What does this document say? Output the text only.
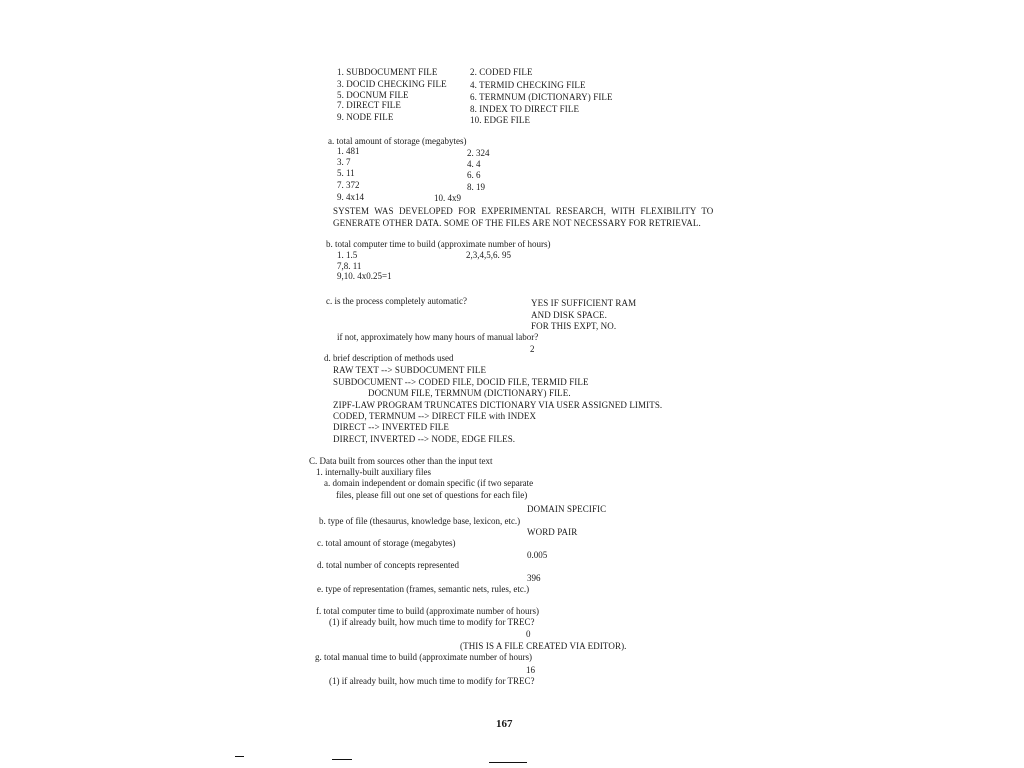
1. SUBDOCUMENT FILE	2. CODED FILE
3. DOCID CHECKING FILE	4. TERMID CHECKING FILE
5. DOCNUM FILE	6. TERMNUM (DICTIONARY) FILE
7. DIRECT FILE	8. INDEX TO DIRECT FILE
9. NODE FILE	10. EDGE FILE
a. total amount of storage (megabytes)
1. 481	2. 324
3. 7	4. 4
5. 11	6. 6
7. 372	8. 19
9. 4x14	10. 4x9
SYSTEM WAS DEVELOPED FOR EXPERIMENTAL RESEARCH, WITH FLEXIBILITY TO
GENERATE OTHER DATA. SOME OF THE FILES ARE NOT NECESSARY FOR RETRIEVAL.
b. total computer time to build (approximate number of hours)
1. 1.5	2,3,4,5,6. 95
7,8. 11
9,10. 4x0.25=1
c. is the process completely automatic?	YES IF SUFFICIENT RAM
AND DISK SPACE.
FOR THIS EXPT, NO.
if not, approximately how many hours of manual labor?
2
d. brief description of methods used
RAW TEXT --> SUBDOCUMENT FILE
SUBDOCUMENT --> CODED FILE, DOCID FILE, TERMID FILE
DOCNUM FILE, TERMNUM (DICTIONARY) FILE.
ZIPF-LAW PROGRAM TRUNCATES DICTIONARY VIA USER ASSIGNED LIMITS.
CODED, TERMNUM --> DIRECT FILE with INDEX
DIRECT --> INVERTED FILE
DIRECT, INVERTED --> NODE, EDGE FILES.
C. Data built from sources other than the input text
1. internally-built auxiliary files
a. domain independent or domain specific (if two separate
files, please fill out one set of questions for each file)
DOMAIN SPECIFIC
b. type of file (thesaurus, knowledge base, lexicon, etc.)
WORD PAIR
c. total amount of storage (megabytes)
0.005
d. total number of concepts represented
396
e. type of representation (frames, semantic nets, rules, etc.)
f. total computer time to build (approximate number of hours)
(1) if already built, how much time to modify for TREC?
0
(THIS IS A FILE CREATED VIA EDITOR).
g. total manual time to build (approximate number of hours)
16
(1) if already built, how much time to modify for TREC?
167
